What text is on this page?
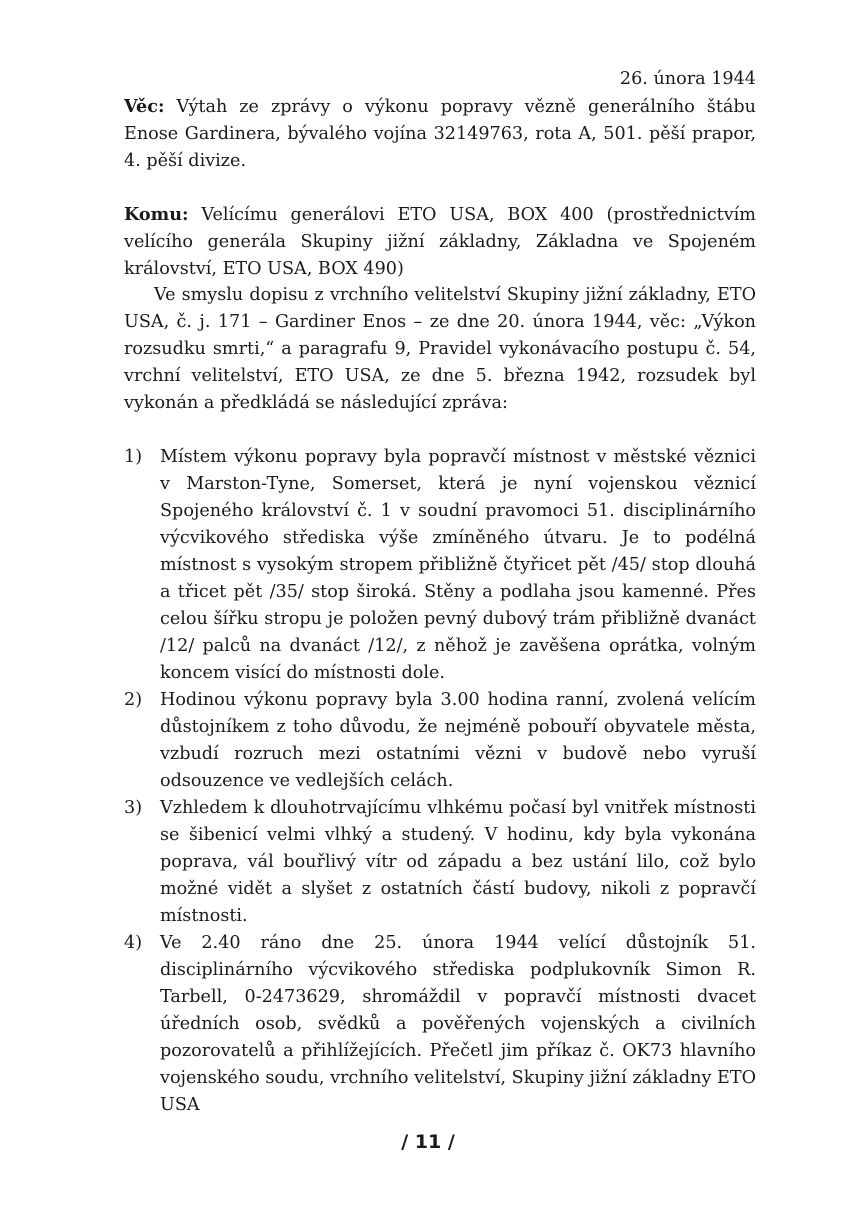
26. února 1944

Věc: Výtah ze zprávy o výkonu popravy vězně generálního štábu Enose Gardinera, bývalého vojína 32149763, rota A, 501. pěší prapor, 4. pěší divize.

Komu: Velícímu generálovi ETO USA, BOX 400 (prostřednictvím velícího generála Skupiny jižní základny, Základna ve Spojeném království, ETO USA, BOX 490)

Ve smyslu dopisu z vrchního velitelství Skupiny jižní základny, ETO USA, č. j. 171 – Gardiner Enos – ze dne 20. února 1944, věc: „Výkon rozsudku smrti,“ a paragrafu 9, Pravidel vykonávacího postupu č. 54, vrchní velitelství, ETO USA, ze dne 5. března 1942, rozsudek byl vykonán a předkládá se následující zpráva:

1) Místem výkonu popravy byla popravčí místnost v městské věznici v Marston-Tyne, Somerset, která je nyní vojenskou věznicí Spojeného království č. 1 v soudní pravomoci 51. disciplinárního výcvikového střediska výše zmíněného útvaru. Je to podélná místnost s vysokým stropem přibližně čtyřicet pět /45/ stop dlouhá a třicet pět /35/ stop široká. Stěny a podlaha jsou kamenné. Přes celou šířku stropu je položen pevný dubový trám přibližně dvanáct /12/ palců na dvanáct /12/, z něhož je zavěšena oprátka, volným koncem visící do místnosti dole.
2) Hodinou výkonu popravy byla 3.00 hodina ranní, zvolená velícím důstojníkem z toho důvodu, že nejméně pobouří obyvatele města, vzbudí rozruch mezi ostatními vězni v budově nebo vyruší odsouzence ve vedlejších celách.
3) Vzhledem k dlouhotrvajícímu vlhkému počasí byl vnitřek místnosti se šibenicí velmi vlhký a studený. V hodinu, kdy byla vykonána poprava, vál bouřlivý vítr od západu a bez ustání lilo, což bylo možné vidět a slyšet z ostatních částí budovy, nikoli z popravčí místnosti.
4) Ve 2.40 ráno dne 25. února 1944 velící důstojník 51. disciplinárního výcvikového střediska podplukovník Simon R. Tarbell, 0-2473629, shromáždil v popravčí místnosti dvacet úředních osob, svědků a pověřených vojenských a civilních pozorovatelů a přihlížejících. Přečetl jim příkaz č. OK73 hlavního vojenského soudu, vrchního velitelství, Skupiny jižní základny ETO USA

/ 11 /
